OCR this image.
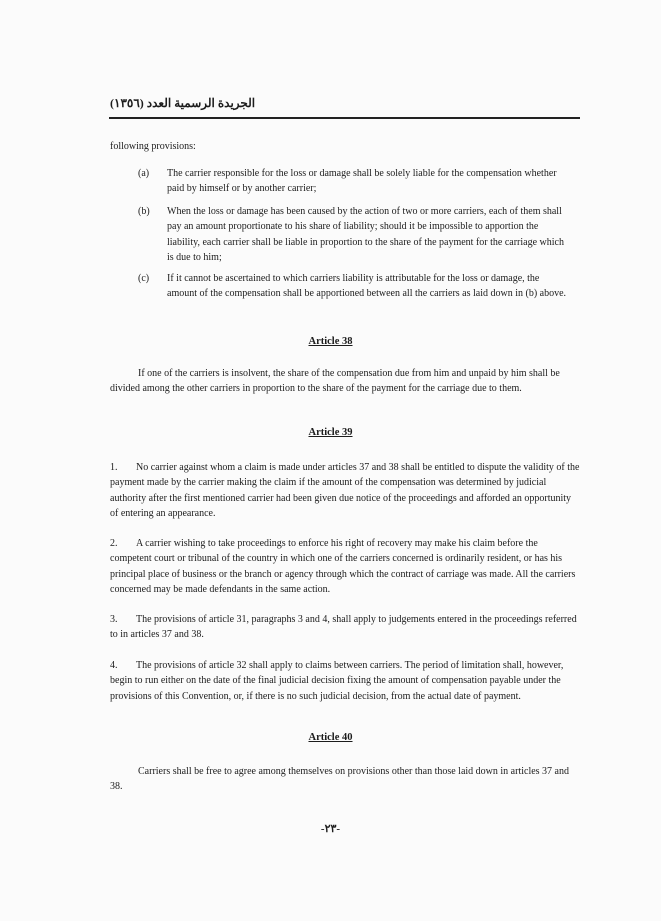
الجريدة الرسمية العدد (١٣٥٦)
following provisions:
(a) The carrier responsible for the loss or damage shall be solely liable for the compensation whether paid by himself or by another carrier;
(b) When the loss or damage has been caused by the action of two or more carriers, each of them shall pay an amount proportionate to his share of liability; should it be impossible to apportion the liability, each carrier shall be liable in proportion to the share of the payment for the carriage which is due to him;
(c) If it cannot be ascertained to which carriers liability is attributable for the loss or damage, the amount of the compensation shall be apportioned between all the carriers as laid down in (b) above.
Article 38
If one of the carriers is insolvent, the share of the compensation due from him and unpaid by him shall be divided among the other carriers in proportion to the share of the payment for the carriage due to them.
Article 39
1. No carrier against whom a claim is made under articles 37 and 38 shall be entitled to dispute the validity of the payment made by the carrier making the claim if the amount of the compensation was determined by judicial authority after the first mentioned carrier had been given due notice of the proceedings and afforded an opportunity of entering an appearance.
2. A carrier wishing to take proceedings to enforce his right of recovery may make his claim before the competent court or tribunal of the country in which one of the carriers concerned is ordinarily resident, or has his principal place of business or the branch or agency through which the contract of carriage was made. All the carriers concerned may be made defendants in the same action.
3. The provisions of article 31, paragraphs 3 and 4, shall apply to judgements entered in the proceedings referred to in articles 37 and 38.
4. The provisions of article 32 shall apply to claims between carriers. The period of limitation shall, however, begin to run either on the date of the final judicial decision fixing the amount of compensation payable under the provisions of this Convention, or, if there is no such judicial decision, from the actual date of payment.
Article 40
Carriers shall be free to agree among themselves on provisions other than those laid down in articles 37 and 38.
-٢٣-
